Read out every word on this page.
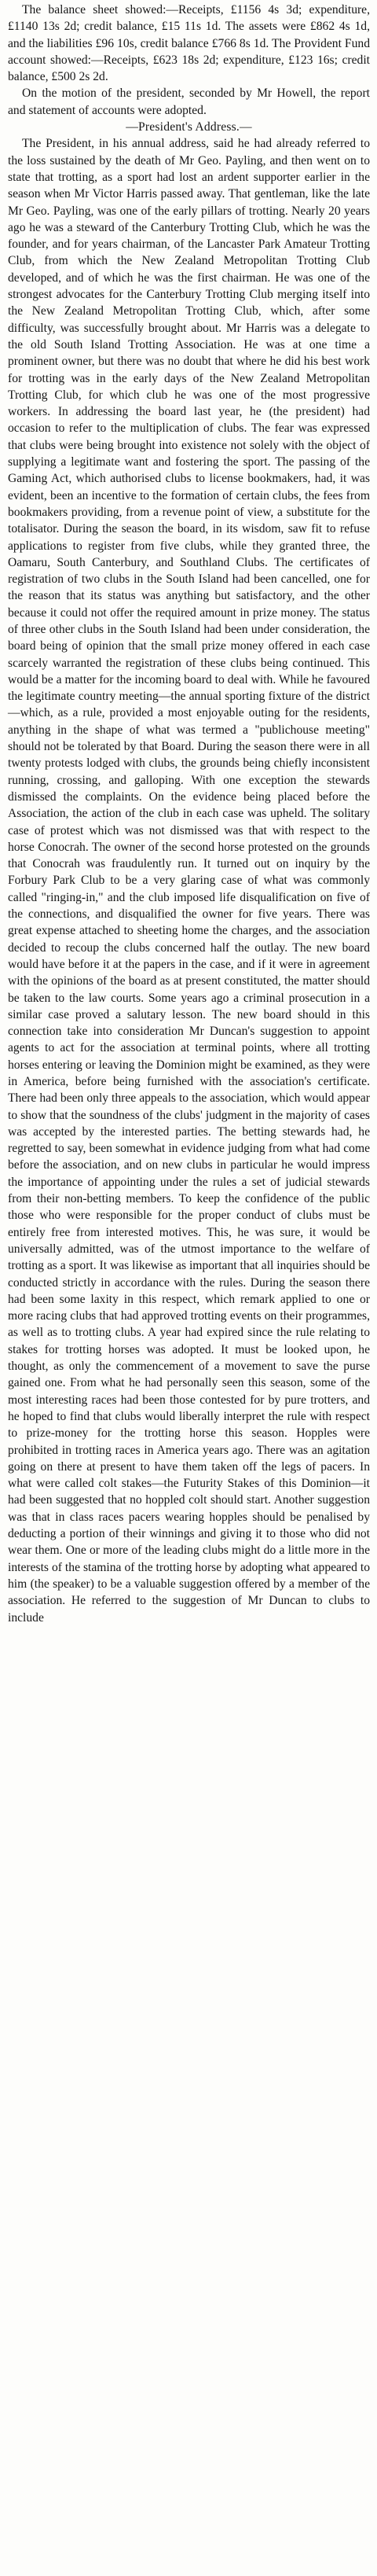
The balance sheet showed:—Receipts, £1156 4s 3d; expenditure, £1140 13s 2d; credit balance, £15 11s 1d. The assets were £862 4s 1d, and the liabilities £96 10s, credit balance £766 8s 1d. The Provident Fund account showed:—Receipts, £623 18s 2d; expenditure, £123 16s; credit balance, £500 2s 2d.

On the motion of the president, seconded by Mr Howell, the report and statement of accounts were adopted.

—President's Address.—

The President, in his annual address, said he had already referred to the loss sustained by the death of Mr Geo. Payling, and then went on to state that trotting, as a sport had lost an ardent supporter earlier in the season when Mr Victor Harris passed away. That gentleman, like the late Mr Geo. Payling, was one of the early pillars of trotting. Nearly 20 years ago he was a steward of the Canterbury Trotting Club, which he was the founder, and for years chairman, of the Lancaster Park Amateur Trotting Club, from which the New Zealand Metropolitan Trotting Club developed, and of which he was the first chairman. He was one of the strongest advocates for the Canterbury Trotting Club merging itself into the New Zealand Metropolitan Trotting Club, which, after some difficulty, was successfully brought about. Mr Harris was a delegate to the old South Island Trotting Association. He was at one time a prominent owner, but there was no doubt that where he did his best work for trotting was in the early days of the New Zealand Metropolitan Trotting Club, for which club he was one of the most progressive workers. In addressing the board last year, he (the president) had occasion to refer to the multiplication of clubs. The fear was expressed that clubs were being brought into existence not solely with the object of supplying a legitimate want and fostering the sport. The passing of the Gaming Act, which authorised clubs to license bookmakers, had, it was evident, been an incentive to the formation of certain clubs, the fees from bookmakers providing, from a revenue point of view, a substitute for the totalisator. During the season the board, in its wisdom, saw fit to refuse applications to register from five clubs, while they granted three, the Oamaru, South Canterbury, and Southland Clubs. The certificates of registration of two clubs in the South Island had been cancelled, one for the reason that its status was anything but satisfactory, and the other because it could not offer the required amount in prize money. The status of three other clubs in the South Island had been under consideration, the board being of opinion that the small prize money offered in each case scarcely warranted the registration of these clubs being continued. This would be a matter for the incoming board to deal with. While he favoured the legitimate country meeting—the annual sporting fixture of the district—which, as a rule, provided a most enjoyable outing for the residents, anything in the shape of what was termed a "publichouse meeting" should not be tolerated by that Board. During the season there were in all twenty protests lodged with clubs, the grounds being chiefly inconsistent running, crossing, and galloping. With one exception the stewards dismissed the complaints. On the evidence being placed before the Association, the action of the club in each case was upheld. The solitary case of protest which was not dismissed was that with respect to the horse Conocrah. The owner of the second horse protested on the grounds that Conocrah was fraudulently run. It turned out on inquiry by the Forbury Park Club to be a very glaring case of what was commonly called "ringing-in," and the club imposed life disqualification on five of the connections, and disqualified the owner for five years. There was great expense attached to sheeting home the charges, and the association decided to recoup the clubs concerned half the outlay. The new board would have before it at the papers in the case, and if it were in agreement with the opinions of the board as at present constituted, the matter should be taken to the law courts. Some years ago a criminal prosecution in a similar case proved a salutary lesson. The new board should in this connection take into consideration Mr Duncan's suggestion to appoint agents to act for the association at terminal points, where all trotting horses entering or leaving the Dominion might be examined, as they were in America, before being furnished with the association's certificate. There had been only three appeals to the association, which would appear to show that the soundness of the clubs' judgment in the majority of cases was accepted by the interested parties. The betting stewards had, he regretted to say, been somewhat in evidence judging from what had come before the association, and on new clubs in particular he would impress the importance of appointing under the rules a set of judicial stewards from their non-betting members. To keep the confidence of the public those who were responsible for the proper conduct of clubs must be entirely free from interested motives. This, he was sure, it would be universally admitted, was of the utmost importance to the welfare of trotting as a sport. It was likewise as important that all inquiries should be conducted strictly in accordance with the rules. During the season there had been some laxity in this respect, which remark applied to one or more racing clubs that had approved trotting events on their programmes, as well as to trotting clubs. A year had expired since the rule relating to stakes for trotting horses was adopted. It must be looked upon, he thought, as only the commencement of a movement to save the purse gained one. From what he had personally seen this season, some of the most interesting races had been those contested for by pure trotters, and he hoped to find that clubs would liberally interpret the rule with respect to prize-money for the trotting horse this season. Hopples were prohibited in trotting races in America years ago. There was an agitation going on there at present to have them taken off the legs of pacers. In what were called colt stakes—the Futurity Stakes of this Dominion—it had been suggested that no hoppled colt should start. Another suggestion was that in class races pacers wearing hopples should be penalised by deducting a portion of their winnings and giving it to those who did not wear them. One or more of the leading clubs might do a little more in the interests of the stamina of the trotting horse by adopting what appeared to him (the speaker) to be a valuable suggestion offered by a member of the association. He referred to the suggestion of Mr Duncan to clubs to include
